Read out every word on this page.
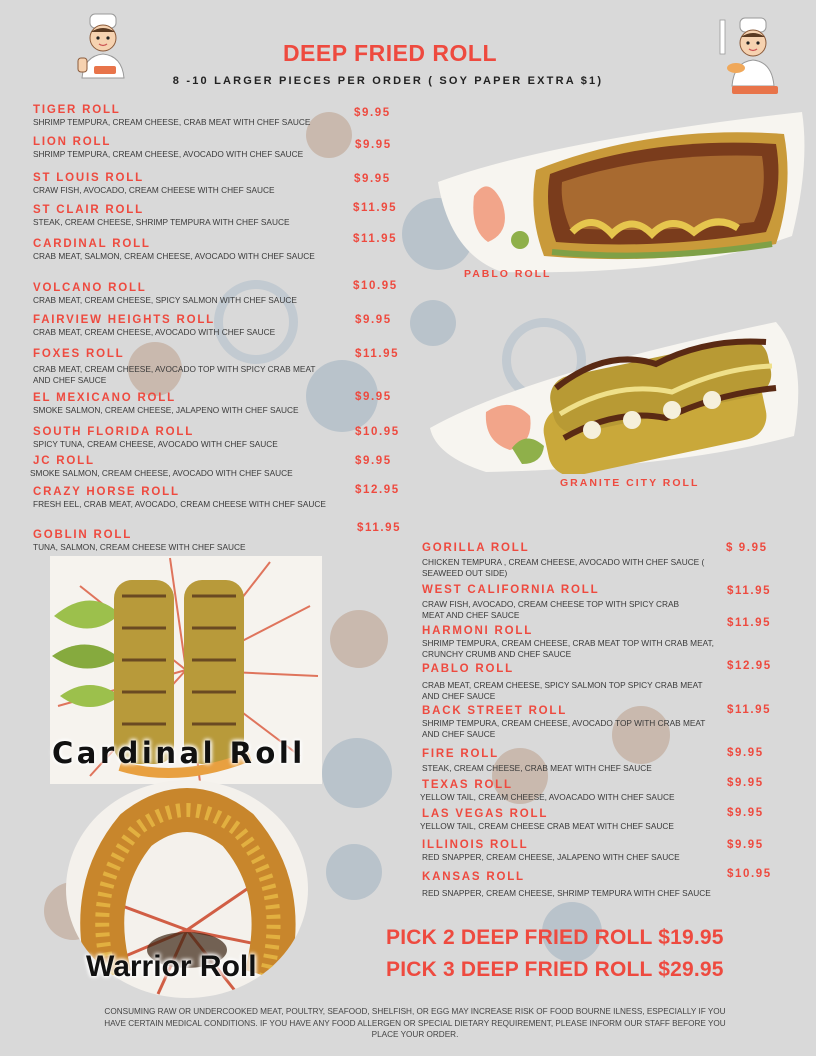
DEEP FRIED ROLL
8 -10 LARGER PIECES PER ORDER ( SOY PAPER EXTRA $1)
PABLO ROLL
GRANITE CITY ROLL
Cardinal Roll
Warrior Roll
TIGER ROLL
SHRIMP TEMPURA, CREAM CHEESE, CRAB MEAT WITH CHEF SAUCE
$9.95
LION ROLL
SHRIMP TEMPURA, CREAM CHEESE, AVOCADO WITH CHEF SAUCE
$9.95
ST LOUIS ROLL
CRAW FISH, AVOCADO, CREAM CHEESE WITH CHEF SAUCE
$9.95
ST CLAIR ROLL
STEAK, CREAM CHEESE, SHRIMP TEMPURA WITH CHEF SAUCE
$11.95
CARDINAL ROLL
CRAB MEAT, SALMON, CREAM CHEESE, AVOCADO WITH CHEF SAUCE
$11.95
VOLCANO ROLL
CRAB MEAT, CREAM CHEESE, SPICY SALMON WITH CHEF SAUCE
$10.95
FAIRVIEW HEIGHTS ROLL
CRAB MEAT, CREAM CHEESE, AVOCADO WITH CHEF SAUCE
$9.95
FOXES ROLL
CRAB MEAT, CREAM CHEESE, AVOCADO TOP WITH SPICY CRAB MEAT AND CHEF SAUCE
$11.95
EL MEXICANO ROLL
SMOKE SALMON, CREAM CHEESE, JALAPENO WITH CHEF SAUCE
$9.95
SOUTH FLORIDA ROLL
SPICY TUNA, CREAM CHEESE, AVOCADO WITH CHEF SAUCE
$10.95
JC ROLL
SMOKE SALMON, CREAM CHEESE, AVOCADO WITH CHEF SAUCE
$9.95
CRAZY HORSE ROLL
FRESH EEL, CRAB MEAT, AVOCADO, CREAM CHEESE WITH CHEF SAUCE
$12.95
GOBLIN ROLL
TUNA, SALMON, CREAM CHEESE WITH CHEF SAUCE
$11.95
GORILLA ROLL
CHICKEN TEMPURA , CREAM CHEESE, AVOCADO WITH CHEF SAUCE ( SEAWEED OUT SIDE)
$ 9.95
WEST CALIFORNIA ROLL
CRAW FISH, AVOCADO, CREAM CHEESE TOP WITH SPICY CRAB MEAT AND CHEF SAUCE
$11.95
HARMONI ROLL
SHRIMP TEMPURA, CREAM CHEESE, CRAB MEAT TOP WITH CRAB MEAT, CRUNCHY CRUMB AND CHEF SAUCE
$11.95
PABLO ROLL
CRAB MEAT, CREAM CHEESE, SPICY SALMON TOP SPICY CRAB MEAT AND CHEF SAUCE
$12.95
BACK STREET ROLL
SHRIMP TEMPURA, CREAM CHEESE, AVOCADO TOP WITH CRAB MEAT AND CHEF SAUCE
$11.95
FIRE ROLL
STEAK, CREAM CHEESE, CRAB MEAT WITH CHEF SAUCE
$9.95
TEXAS ROLL
YELLOW TAIL, CREAM CHEESE, AVOACADO WITH CHEF SAUCE
$9.95
LAS VEGAS ROLL
YELLOW TAIL, CREAM CHEESE CRAB MEAT WITH CHEF SAUCE
$9.95
ILLINOIS ROLL
RED SNAPPER, CREAM CHEESE, JALAPENO WITH CHEF SAUCE
$9.95
KANSAS ROLL
RED SNAPPER, CREAM CHEESE, SHRIMP TEMPURA WITH CHEF SAUCE
$10.95
PICK 2 DEEP FRIED ROLL $19.95
PICK 3 DEEP FRIED ROLL $29.95
CONSUMING RAW OR UNDERCOOKED MEAT, POULTRY, SEAFOOD, SHELFISH, OR EGG MAY INCREASE RISK OF FOOD BOURNE ILNESS, ESPECIALLY IF YOU HAVE CERTAIN MEDICAL CONDITIONS. IF YOU HAVE ANY FOOD ALLERGEN OR SPECIAL DIETARY REQUIREMENT, PLEASE INFORM OUR STAFF BEFORE YOU PLACE YOUR ORDER.
